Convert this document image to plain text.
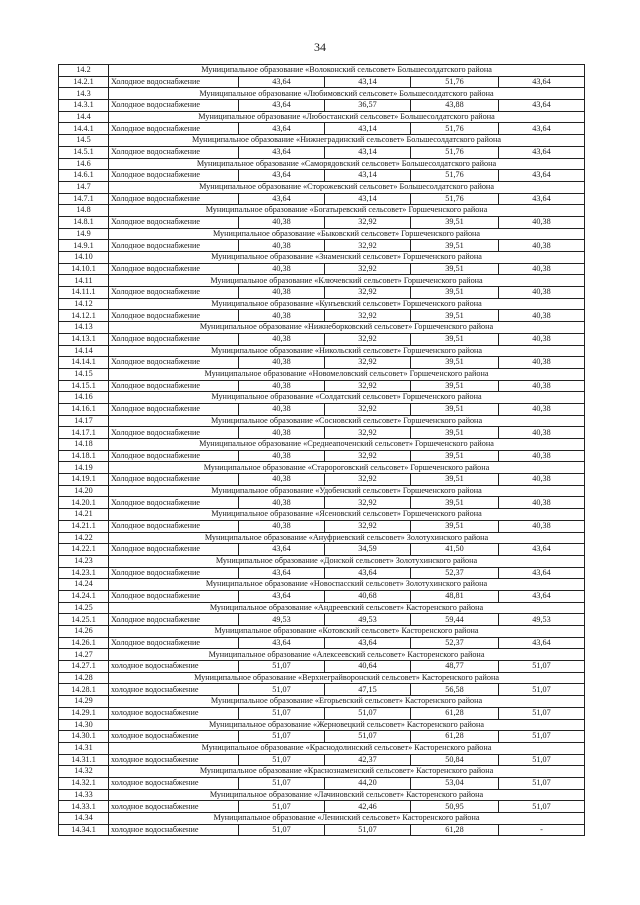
34
14.2	Муниципальное образование «Волоконский сельсовет» Большесолдатского района				
14.2.1	Холодное водоснабжение	43,64	43,14	51,76	43,64
14.3	Муниципальное образование «Любимовский сельсовет» Большесолдатского района				
14.3.1	Холодное водоснабжение	43,64	36,57	43,88	43,64
14.4	Муниципальное образование «Любостанский сельсовет» Большесолдатского района				
14.4.1	Холодное водоснабжение	43,64	43,14	51,76	43,64
14.5	Муниципальное образование «Нижнеградинский сельсовет» Большесолдатского района				
14.5.1	Холодное водоснабжение	43,64	43,14	51,76	43,64
14.6	Муниципальное образование «Саморядовский сельсовет» Большесолдатского района				
14.6.1	Холодное водоснабжение	43,64	43,14	51,76	43,64
14.7	Муниципальное образование «Сторожевский сельсовет» Большесолдатского района				
14.7.1	Холодное водоснабжение	43,64	43,14	51,76	43,64
14.8	Муниципальное образование «Богатыревский сельсовет» Горшеченского района				
14.8.1	Холодное водоснабжение	40,38	32,92	39,51	40,38
14.9	Муниципальное образование «Быковский сельсовет» Горшеченского района				
14.9.1	Холодное водоснабжение	40,38	32,92	39,51	40,38
14.10	Муниципальное образование «Знаменский сельсовет» Горшеченского района				
14.10.1	Холодное водоснабжение	40,38	32,92	39,51	40,38
14.11	Муниципальное образование «Ключевский сельсовет» Горшеченского района				
14.11.1	Холодное водоснабжение	40,38	32,92	39,51	40,38
14.12	Муниципальное образование «Кунъевский сельсовет» Горшеченского района				
14.12.1	Холодное водоснабжение	40,38	32,92	39,51	40,38
14.13	Муниципальное образование «Нижнеборковский сельсовет» Горшеченского района				
14.13.1	Холодное водоснабжение	40,38	32,92	39,51	40,38
14.14	Муниципальное образование «Никольский сельсовет» Горшеченского района				
14.14.1	Холодное водоснабжение	40,38	32,92	39,51	40,38
14.15	Муниципальное образование «Новомеловский сельсовет» Горшеченского района				
14.15.1	Холодное водоснабжение	40,38	32,92	39,51	40,38
14.16	Муниципальное образование «Солдатский сельсовет» Горшеченского района				
14.16.1	Холодное водоснабжение	40,38	32,92	39,51	40,38
14.17	Муниципальное образование «Сосновский сельсовет» Горшеченского района				
14.17.1	Холодное водоснабжение	40,38	32,92	39,51	40,38
14.18	Муниципальное образование «Среднеапоченский сельсовет» Горшеченского района				
14.18.1	Холодное водоснабжение	40,38	32,92	39,51	40,38
14.19	Муниципальное образование «Старороговский сельсовет» Горшеченского района				
14.19.1	Холодное водоснабжение	40,38	32,92	39,51	40,38
14.20	Муниципальное образование «Удобенский сельсовет» Горшеченского района				
14.20.1	Холодное водоснабжение	40,38	32,92	39,51	40,38
14.21	Муниципальное образование «Ясеновский сельсовет» Горшеченского района				
14.21.1	Холодное водоснабжение	40,38	32,92	39,51	40,38
14.22	Муниципальное образование «Ануфриевский сельсовет» Золотухинского района				
14.22.1	Холодное водоснабжение	43,64	34,59	41,50	43,64
14.23	Муниципальное образование «Донской сельсовет» Золотухинского района				
14.23.1	Холодное водоснабжение	43,64	43,64	52,37	43,64
14.24	Муниципальное образование «Новоспасский сельсовет» Золотухинского района				
14.24.1	Холодное водоснабжение	43,64	40,68	48,81	43,64
14.25	Муниципальное образование «Андреевский сельсовет» Касторенского района				
14.25.1	Холодное водоснабжение	49,53	49,53	59,44	49,53
14.26	Муниципальное образование «Котовский сельсовет» Касторенского района				
14.26.1	Холодное водоснабжение	43,64	43,64	52,37	43,64
14.27	Муниципальное образование «Алексеевский сельсовет» Касторенского района				
14.27.1	холодное водоснабжение	51,07	40,64	48,77	51,07
14.28	Муниципальное образование «Верхнеграйворонский сельсовет» Касторенского района				
14.28.1	холодное водоснабжение	51,07	47,15	56,58	51,07
14.29	Муниципальное образование «Егорьевский сельсовет» Касторенского района				
14.29.1	холодное водоснабжение	51,07	51,07	61,28	51,07
14.30	Муниципальное образование «Жерновецкий сельсовет» Касторенского района				
14.30.1	холодное водоснабжение	51,07	51,07	61,28	51,07
14.31	Муниципальное образование «Краснодолинский сельсовет» Касторенского района				
14.31.1	холодное водоснабжение	51,07	42,37	50,84	51,07
14.32	Муниципальное образование «Краснознаменский сельсовет» Касторенского района				
14.32.1	холодное водоснабжение	51,07	44,20	53,04	51,07
14.33	Муниципальное образование «Лачиновский сельсовет» Касторенского района				
14.33.1	холодное водоснабжение	51,07	42,46	50,95	51,07
14.34	Муниципальное образование «Ленинский сельсовет» Касторенского района				
14.34.1	холодное водоснабжение	51,07	51,07	61,28	-
